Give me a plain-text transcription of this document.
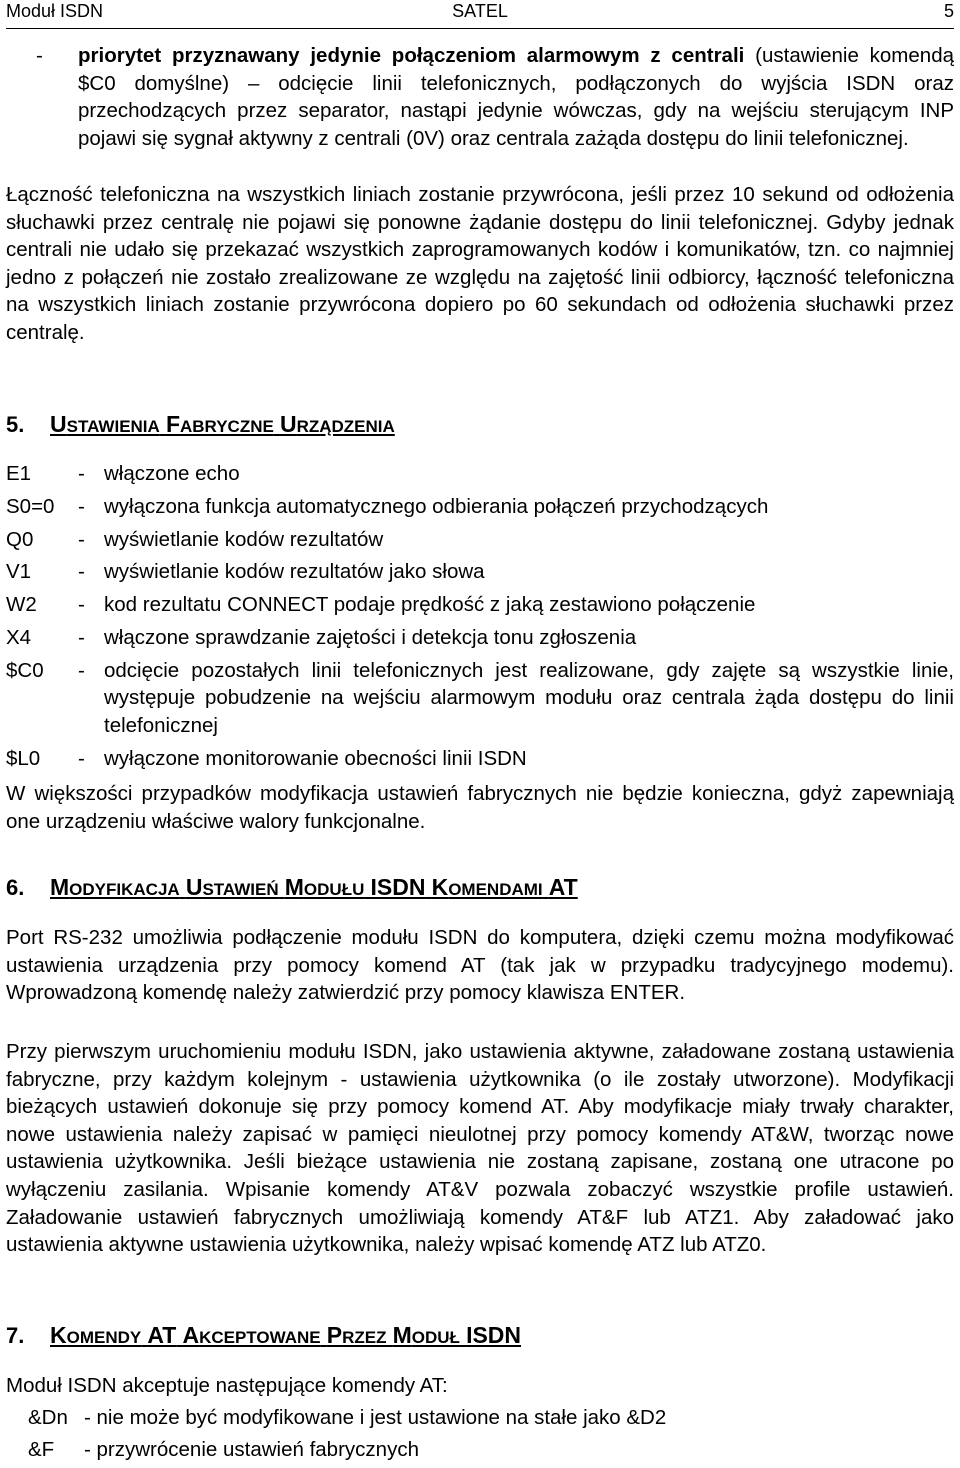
Moduł ISDN	SATEL	5
- priorytet przyznawany jedynie połączeniom alarmowym z centrali (ustawienie komendą $C0 domyślne) – odcięcie linii telefonicznych, podłączonych do wyjścia ISDN oraz przechodzących przez separator, nastąpi jedynie wówczas, gdy na wejściu sterującym INP pojawi się sygnał aktywny z centrali (0V) oraz centrala zażąda dostępu do linii telefonicznej.
Łączność telefoniczna na wszystkich liniach zostanie przywrócona, jeśli przez 10 sekund od odłożenia słuchawki przez centralę nie pojawi się ponowne żądanie dostępu do linii telefonicznej. Gdyby jednak centrali nie udało się przekazać wszystkich zaprogramowanych kodów i komunikatów, tzn. co najmniej jedno z połączeń nie zostało zrealizowane ze względu na zajętość linii odbiorcy, łączność telefoniczna na wszystkich liniach zostanie przywrócona dopiero po 60 sekundach od odłożenia słuchawki przez centralę.
5. USTAWIENIA FABRYCZNE URZĄDZENIA
E1 - włączone echo
S0=0 - wyłączona funkcja automatycznego odbierania połączeń przychodzących
Q0 - wyświetlanie kodów rezultatów
V1 - wyświetlanie kodów rezultatów jako słowa
W2 - kod rezultatu CONNECT podaje prędkość z jaką zestawiono połączenie
X4 - włączone sprawdzanie zajętości i detekcja tonu zgłoszenia
$C0 - odcięcie pozostałych linii telefonicznych jest realizowane, gdy zajęte są wszystkie linie, występuje pobudzenie na wejściu alarmowym modułu oraz centrala żąda dostępu do linii telefonicznej
$L0 - wyłączone monitorowanie obecności linii ISDN
W większości przypadków modyfikacja ustawień fabrycznych nie będzie konieczna, gdyż zapewniają one urządzeniu właściwe walory funkcjonalne.
6. MODYFIKACJA USTAWIEŃ MODUŁU ISDN KOMENDAMI AT
Port RS-232 umożliwia podłączenie modułu ISDN do komputera, dzięki czemu można modyfikować ustawienia urządzenia przy pomocy komend AT (tak jak w przypadku tradycyjnego modemu). Wprowadzoną komendę należy zatwierdzić przy pomocy klawisza ENTER.
Przy pierwszym uruchomieniu modułu ISDN, jako ustawienia aktywne, załadowane zostaną ustawienia fabryczne, przy każdym kolejnym - ustawienia użytkownika (o ile zostały utworzone). Modyfikacji bieżących ustawień dokonuje się przy pomocy komend AT. Aby modyfikacje miały trwały charakter, nowe ustawienia należy zapisać w pamięci nieulotnej przy pomocy komendy AT&W, tworząc nowe ustawienia użytkownika. Jeśli bieżące ustawienia nie zostaną zapisane, zostaną one utracone po wyłączeniu zasilania. Wpisanie komendy AT&V pozwala zobaczyć wszystkie profile ustawień. Załadowanie ustawień fabrycznych umożliwiają komendy AT&F lub ATZ1. Aby załadować jako ustawienia aktywne ustawienia użytkownika, należy wpisać komendę ATZ lub ATZ0.
7. KOMENDY AT AKCEPTOWANE PRZEZ MODUŁ ISDN
Moduł ISDN akceptuje następujące komendy AT:
&Dn - nie może być modyfikowane i jest ustawione na stałe jako &D2
&F - przywrócenie ustawień fabrycznych
